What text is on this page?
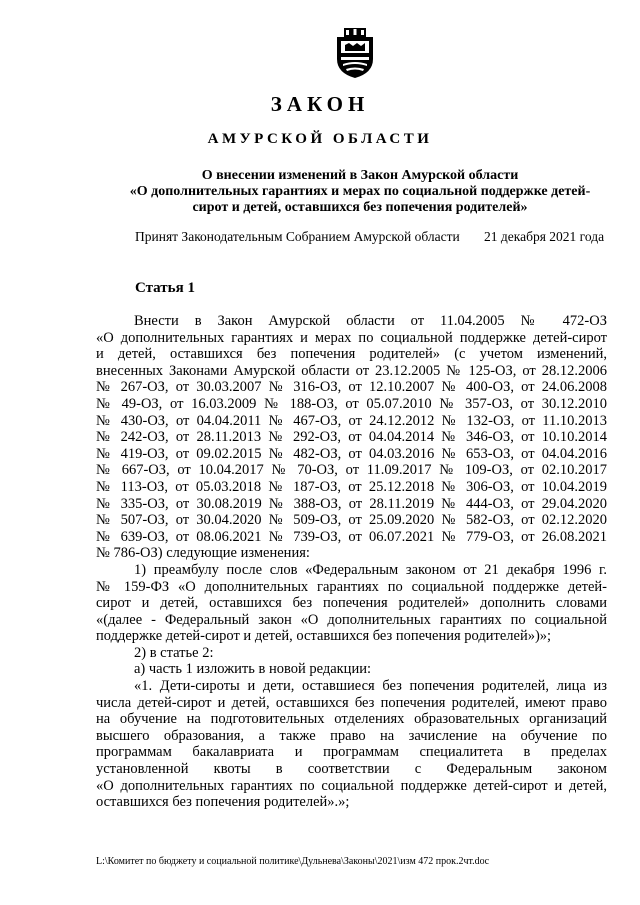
ЗАКОН
АМУРСКОЙ ОБЛАСТИ
О внесении изменений в Закон Амурской области
«О дополнительных гарантиях и мерах по социальной поддержке детей-
сирот и детей, оставшихся без попечения родителей»
Принят Законодательным Собранием Амурской области 21 декабря 2021 года
Статья 1
Внести в Закон Амурской области от 11.04.2005 № 472-ОЗ
«О дополнительных гарантиях и мерах по социальной поддержке детей-сирот
и детей, оставшихся без попечения родителей» (с учетом изменений,
внесенных Законами Амурской области от 23.12.2005 № 125-ОЗ, от 28.12.2006
№ 267-ОЗ, от 30.03.2007 № 316-ОЗ, от 12.10.2007 № 400-ОЗ, от 24.06.2008
№ 49-ОЗ, от 16.03.2009 № 188-ОЗ, от 05.07.2010 № 357-ОЗ, от 30.12.2010
№ 430-ОЗ, от 04.04.2011 № 467-ОЗ, от 24.12.2012 № 132-ОЗ, от 11.10.2013
№ 242-ОЗ, от 28.11.2013 № 292-ОЗ, от 04.04.2014 № 346-ОЗ, от 10.10.2014
№ 419-ОЗ, от 09.02.2015 № 482-ОЗ, от 04.03.2016 № 653-ОЗ, от 04.04.2016
№ 667-ОЗ, от 10.04.2017 № 70-ОЗ, от 11.09.2017 № 109-ОЗ, от 02.10.2017
№ 113-ОЗ, от 05.03.2018 № 187-ОЗ, от 25.12.2018 № 306-ОЗ, от 10.04.2019
№ 335-ОЗ, от 30.08.2019 № 388-ОЗ, от 28.11.2019 № 444-ОЗ, от 29.04.2020
№ 507-ОЗ, от 30.04.2020 № 509-ОЗ, от 25.09.2020 № 582-ОЗ, от 02.12.2020
№ 639-ОЗ, от 08.06.2021 № 739-ОЗ, от 06.07.2021 № 779-ОЗ, от 26.08.2021
№ 786-ОЗ) следующие изменения:
1) преамбулу после слов «Федеральным законом от 21 декабря 1996 г.
№ 159-ФЗ «О дополнительных гарантиях по социальной поддержке детей-
сирот и детей, оставшихся без попечения родителей» дополнить словами
«(далее - Федеральный закон «О дополнительных гарантиях по социальной
поддержке детей-сирот и детей, оставшихся без попечения родителей»)»;
2) в статье 2:
а) часть 1 изложить в новой редакции:
«1. Дети-сироты и дети, оставшиеся без попечения родителей, лица из
числа детей-сирот и детей, оставшихся без попечения родителей, имеют право
на обучение на подготовительных отделениях образовательных организаций
высшего образования, а также право на зачисление на обучение по
программам бакалавриата и программам специалитета в пределах
установленной квоты в соответствии с Федеральным законом
«О дополнительных гарантиях по социальной поддержке детей-сирот и детей,
оставшихся без попечения родителей».»;
L:\Комитет по бюджету и социальной политике\Дульнева\Законы\2021\изм 472 прок.2чт.doc
